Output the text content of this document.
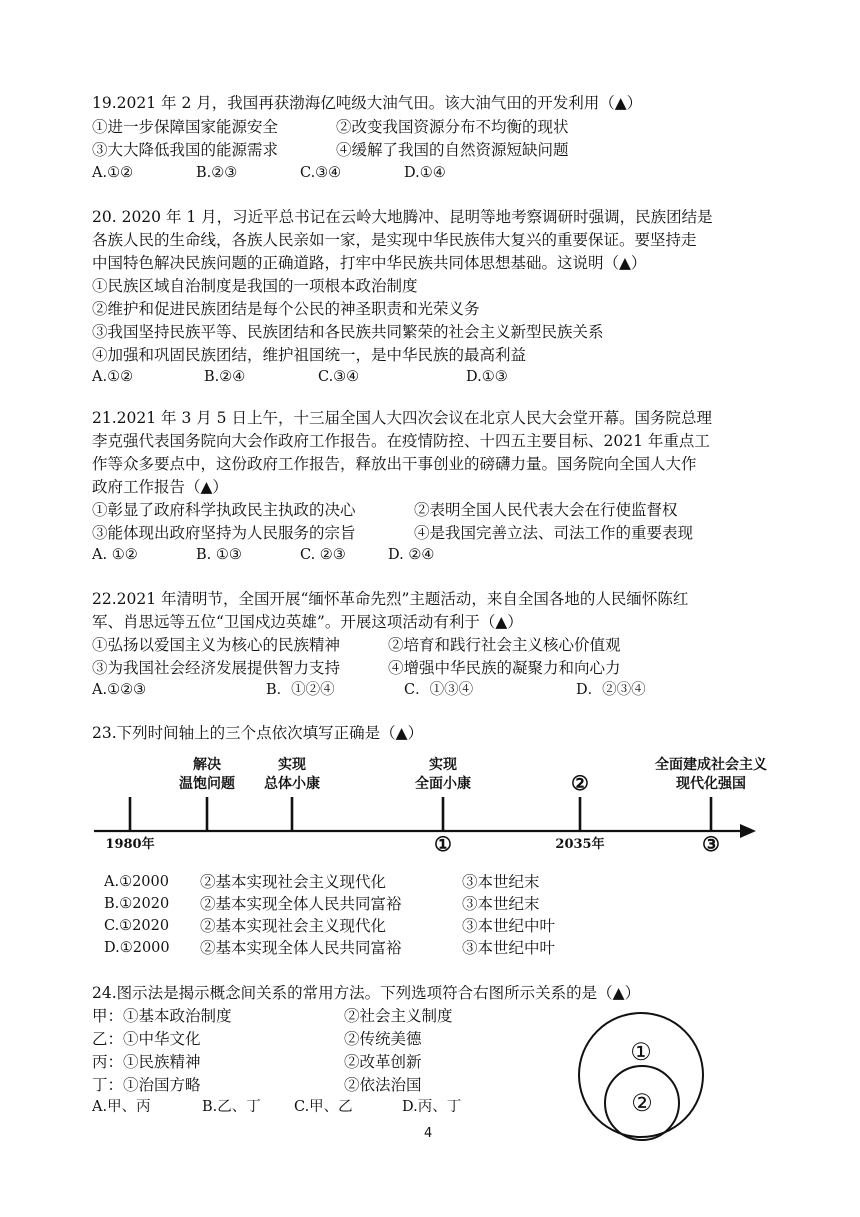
19.2021 年 2 月，我国再获渤海亿吨级大油气田。该大油气田的开发利用（▲）
①进一步保障国家能源安全	②改变我国资源分布不均衡的现状
③大大降低我国的能源需求	④缓解了我国的自然资源短缺问题
A.①②	B.②③	C.③④	D.①④
20. 2020 年 1 月，习近平总书记在云岭大地腾冲、昆明等地考察调研时强调，民族团结是
各族人民的生命线，各族人民亲如一家，是实现中华民族伟大复兴的重要保证。要坚持走
中国特色解决民族问题的正确道路，打牢中华民族共同体思想基础。这说明（▲）
①民族区域自治制度是我国的一项根本政治制度
②维护和促进民族团结是每个公民的神圣职责和光荣义务
③我国坚持民族平等、民族团结和各民族共同繁荣的社会主义新型民族关系
④加强和巩固民族团结，维护祖国统一，是中华民族的最高利益
A.①②	B.②④	C.③④	D.①③
21.2021 年 3 月 5 日上午，十三届全国人大四次会议在北京人民大会堂开幕。国务院总理
李克强代表国务院向大会作政府工作报告。在疫情防控、十四五主要目标、2021 年重点工
作等众多要点中，这份政府工作报告，释放出干事创业的磅礴力量。国务院向全国人大作
政府工作报告（▲）
①彰显了政府科学执政民主执政的决心	②表明全国人民代表大会在行使监督权
③能体现出政府坚持为人民服务的宗旨	④是我国完善立法、司法工作的重要表现
A. ①②	B. ①③	C. ②③	D. ②④
22.2021 年清明节，全国开展“缅怀革命先烈”主题活动，来自全国各地的人民缅怀陈红
军、肖思远等五位“卫国戍边英雄”。开展这项活动有利于（▲）
①弘扬以爱国主义为核心的民族精神	②培育和践行社会主义核心价值观
③为我国社会经济发展提供智力支持	④增强中华民族的凝聚力和向心力
A.①②③	B．①②④	C．①③④	D．②③④
23.下列时间轴上的三个点依次填写正确是（▲）
解决
温饱问题
实现
总体小康
实现
全面小康	②
全面建成社会主义
现代化强国
1980年	①	2035年	③
A.①2000 ②基本实现社会主义现代化	③本世纪末
B.①2020 ②基本实现全体人民共同富裕	③本世纪末
C.①2020 ②基本实现社会主义现代化	③本世纪中叶
D.①2000 ②基本实现全体人民共同富裕	③本世纪中叶
24.图示法是揭示概念间关系的常用方法。下列选项符合右图所示关系的是（▲）
甲：①基本政治制度	②社会主义制度
乙：①中华文化	②传统美德
丙：①民族精神	②改革创新
丁：①治国方略	②依法治国
A.甲、丙	B.乙、丁 C.甲、乙	D.丙、丁
①
②
4
